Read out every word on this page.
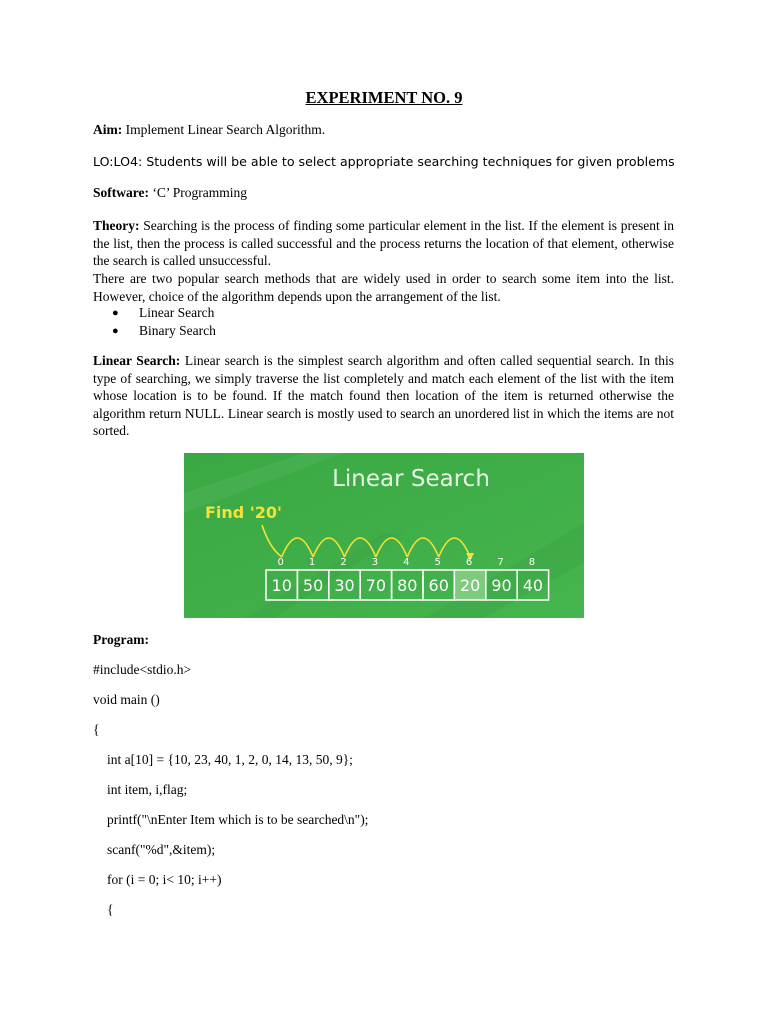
EXPERIMENT NO. 9
Aim: Implement Linear Search Algorithm.
LO:LO4: Students will be able to select appropriate searching techniques for given problems
Software: ‘C’ Programming
Theory: Searching is the process of finding some particular element in the list. If the element is present in the list, then the process is called successful and the process returns the location of that element, otherwise the search is called unsuccessful.
There are two popular search methods that are widely used in order to search some item into the list. However, choice of the algorithm depends upon the arrangement of the list.
● Linear Search
● Binary Search
Linear Search: Linear search is the simplest search algorithm and often called sequential search. In this type of searching, we simply traverse the list completely and match each element of the list with the item whose location is to be found. If the match found then location of the item is returned otherwise the algorithm return NULL. Linear search is mostly used to search an unordered list in which the items are not sorted.
Linear Search
Find '20'
0	1	2	3	4	5	6	7	8
10 50 30 70 80 60 20 90 40
Program:
#include<stdio.h>
void main ()
{
int a[10] = {10, 23, 40, 1, 2, 0, 14, 13, 50, 9};
int item, i,flag;
printf("\nEnter Item which is to be searched\n");
scanf("%d",&item);
for (i = 0; i< 10; i++)
{
